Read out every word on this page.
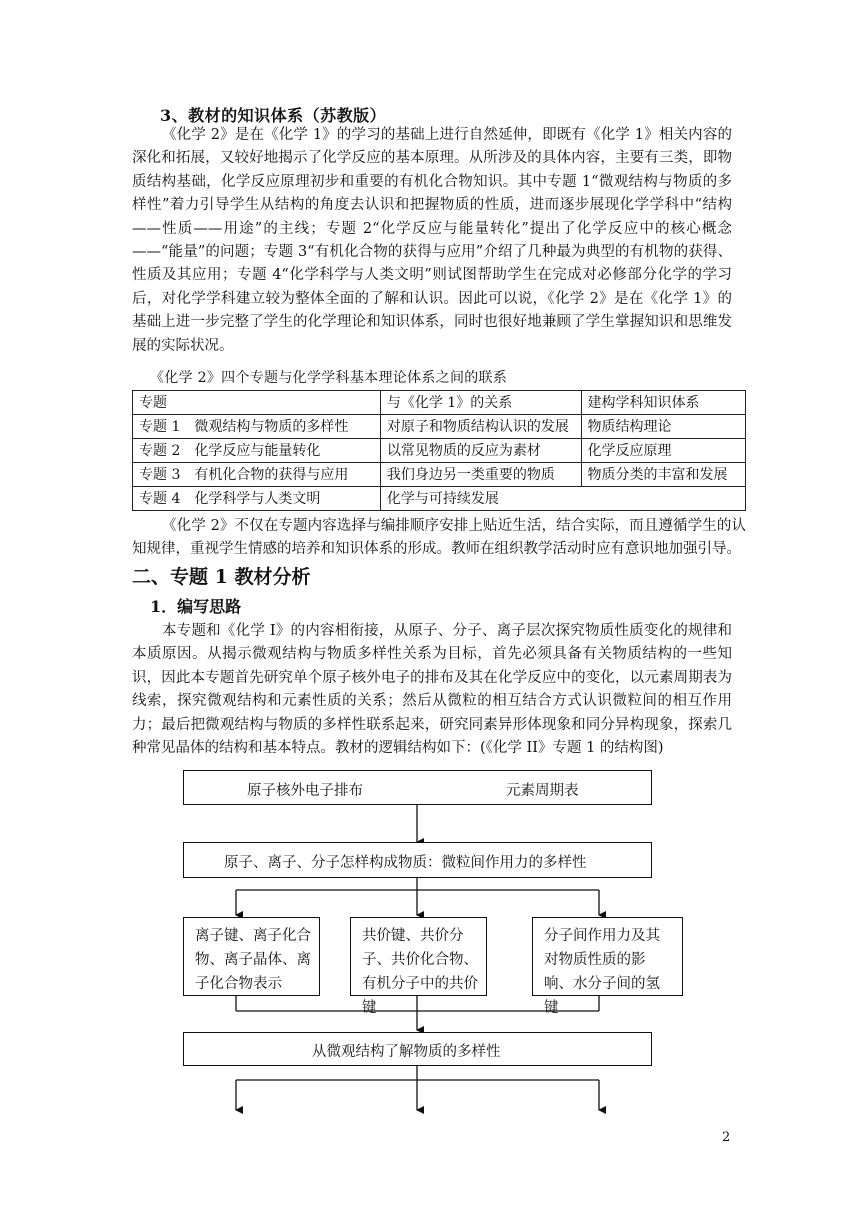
3、教材的知识体系（苏教版）
《化学 2》是在《化学 1》的学习的基础上进行自然延伸，即既有《化学 1》相关内容的深化和拓展，又较好地揭示了化学反应的基本原理。从所涉及的具体内容，主要有三类，即物质结构基础，化学反应原理初步和重要的有机化合物知识。其中专题 1“微观结构与物质的多样性”着力引导学生从结构的角度去认识和把握物质的性质，进而逐步展现化学学科中“结构——性质——用途”的主线；专题 2“化学反应与能量转化”提出了化学反应中的核心概念——“能量”的问题；专题 3“有机化合物的获得与应用”介绍了几种最为典型的有机物的获得、性质及其应用；专题 4“化学科学与人类文明”则试图帮助学生在完成对必修部分化学的学习后，对化学学科建立较为整体全面的了解和认识。因此可以说，《化学 2》是在《化学 1》的基础上进一步完整了学生的化学理论和知识体系，同时也很好地兼顾了学生掌握知识和思维发展的实际状况。
《化学 2》四个专题与化学学科基本理论体系之间的联系
专题	与《化学 1》的关系	建构学科知识体系
专题 1　微观结构与物质的多样性	对原子和物质结构认识的发展	物质结构理论
专题 2　化学反应与能量转化	以常见物质的反应为素材	化学反应原理
专题 3　有机化合物的获得与应用	我们身边另一类重要的物质	物质分类的丰富和发展
专题 4　化学科学与人类文明	化学与可持续发展	
《化学 2》不仅在专题内容选择与编排顺序安排上贴近生活，结合实际，而且遵循学生的认知规律，重视学生情感的培养和知识体系的形成。教师在组织教学活动时应有意识地加强引导。
二、专题 1 教材分析
1．编写思路
本专题和《化学 I》的内容相衔接，从原子、分子、离子层次探究物质性质变化的规律和本质原因。从揭示微观结构与物质多样性关系为目标，首先必须具备有关物质结构的一些知识，因此本专题首先研究单个原子核外电子的排布及其在化学反应中的变化，以元素周期表为线索，探究微观结构和元素性质的关系；然后从微粒的相互结合方式认识微粒间的相互作用力；最后把微观结构与物质的多样性联系起来，研究同素异形体现象和同分异构现象，探索几种常见晶体的结构和基本特点。教材的逻辑结构如下：(《化学 II》专题 1 的结构图)
原子核外电子排布	元素周期表
原子、离子、分子怎样构成物质：微粒间作用力的多样性
离子键、离子化合物、离子晶体、离子化合物表示
共价键、共价分子、共价化合物、有机分子中的共价键
分子间作用力及其对物质性质的影响、水分子间的氢键
从微观结构了解物质的多样性
2
